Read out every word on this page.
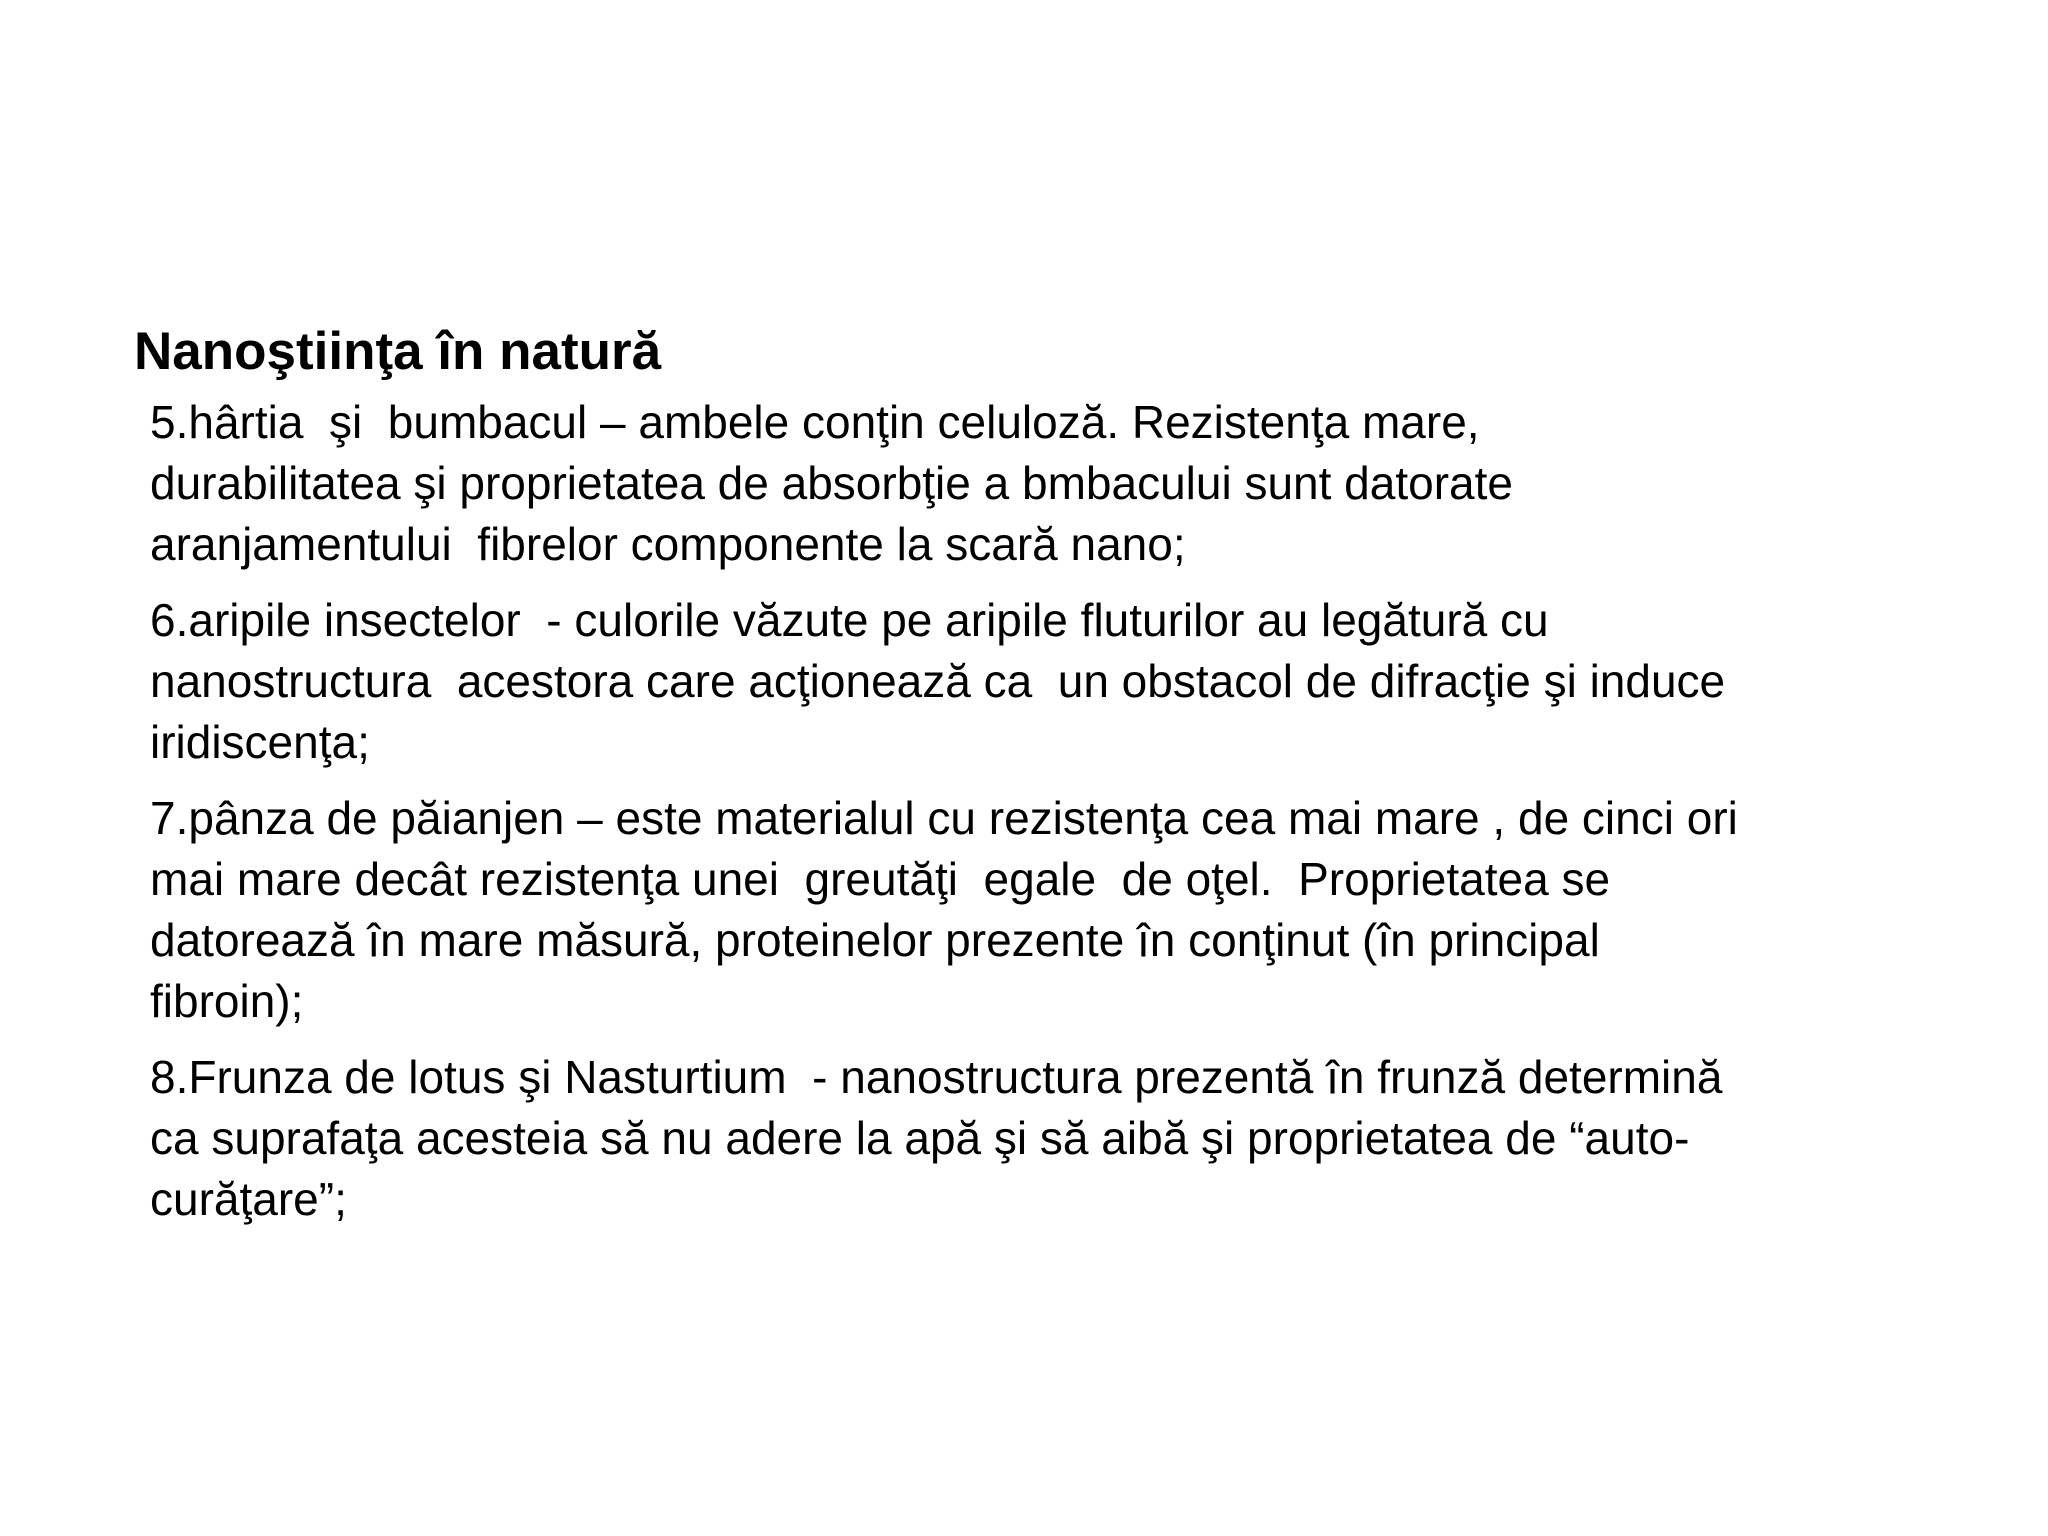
Nanoştiinţa în natură
5.hârtia  şi  bumbacul – ambele conţin celuloză. Rezistenţa mare,
durabilitatea şi proprietatea de absorbţie a bmbacului sunt datorate
aranjamentului  fibrelor componente la scară nano;
6.aripile insectelor  - culorile văzute pe aripile fluturilor au legătură cu
nanostructura  acestora care acţionează ca  un obstacol de difracţie şi induce
iridiscenţa;
7.pânza de păianjen – este materialul cu rezistenţa cea mai mare , de cinci ori
mai mare decât rezistenţa unei  greutăţi  egale  de oţel.  Proprietatea se
datorează în mare măsură, proteinelor prezente în conţinut (în principal
fibroin);
8.Frunza de lotus şi Nasturtium  - nanostructura prezentă în frunză determină
ca suprafaţa acesteia să nu adere la apă şi să aibă şi proprietatea de “auto-
curăţare”;
